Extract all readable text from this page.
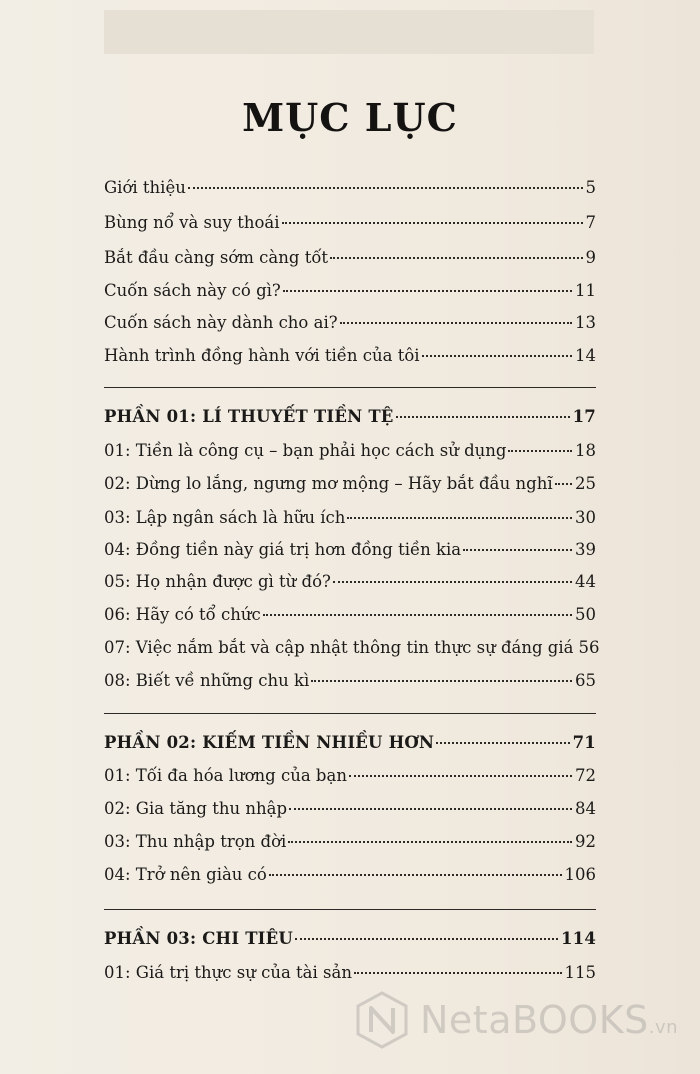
MỤC LỤC
Giới thiệu	5
Bùng nổ và suy thoái	7
Bắt đầu càng sớm càng tốt	9
Cuốn sách này có gì?	11
Cuốn sách này dành cho ai?	13
Hành trình đồng hành với tiền của tôi	14
PHẦN 01: LÍ THUYẾT TIỀN TỆ	17
01: Tiền là công cụ – bạn phải học cách sử dụng	18
02: Dừng lo lắng, ngưng mơ mộng – Hãy bắt đầu nghĩ 25
03: Lập ngân sách là hữu ích	30
04: Đồng tiền này giá trị hơn đồng tiền kia	39
05: Họ nhận được gì từ đó?	44
06: Hãy có tổ chức	50
07: Việc nắm bắt và cập nhật thông tin thực sự đáng giá 56
08: Biết về những chu kì	65
PHẦN 02: KIẾM TIỀN NHIỀU HƠN	71
01: Tối đa hóa lương của bạn	72
02: Gia tăng thu nhập	84
03: Thu nhập trọn đời	92
04: Trở nên giàu có	106
PHẦN 03: CHI TIÊU	114
01: Giá trị thực sự của tài sản	115
NetaBOOKS.vn
